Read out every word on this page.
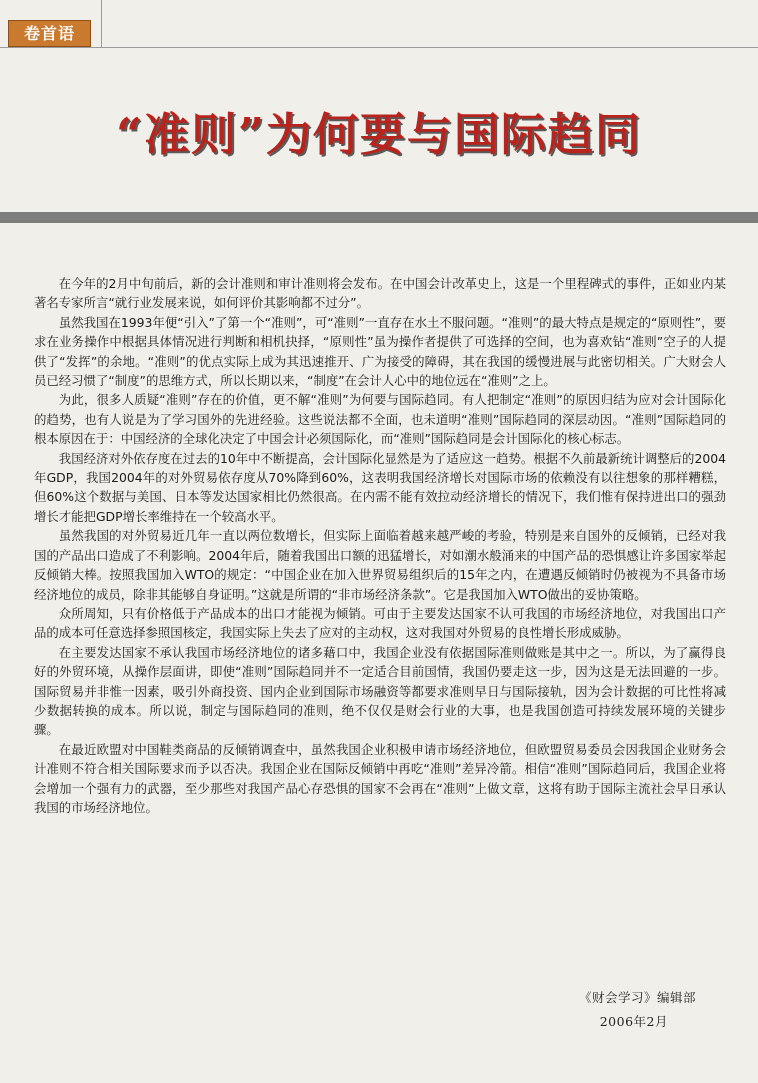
卷首语
“准则”为何要与国际趋同

在今年的2月中旬前后，新的会计准则和审计准则将会发布。在中国会计改革史上，这是一个里程碑式的事件，正如业内某著名专家所言“就行业发展来说，如何评价其影响都不过分”。

虽然我国在1993年便“引入”了第一个“准则”，可“准则”一直存在水土不服问题。“准则”的最大特点是规定的“原则性”，要求在业务操作中根据具体情况进行判断和相机抉择，“原则性”虽为操作者提供了可选择的空间，也为喜欢钻“准则”空子的人提供了“发挥”的余地。“准则”的优点实际上成为其迅速推开、广为接受的障碍，其在我国的缓慢进展与此密切相关。广大财会人员已经习惯了“制度”的思维方式，所以长期以来，“制度”在会计人心中的地位远在“准则”之上。

为此，很多人质疑“准则”存在的价值，更不解“准则”为何要与国际趋同。有人把制定“准则”的原因归结为应对会计国际化的趋势，也有人说是为了学习国外的先进经验。这些说法都不全面，也未道明“准则”国际趋同的深层动因。“准则”国际趋同的根本原因在于：中国经济的全球化决定了中国会计必须国际化，而“准则”国际趋同是会计国际化的核心标志。

我国经济对外依存度在过去的10年中不断提高，会计国际化显然是为了适应这一趋势。根据不久前最新统计调整后的2004年GDP，我国2004年的对外贸易依存度从70%降到60%，这表明我国经济增长对国际市场的依赖没有以往想象的那样糟糕，但60%这个数据与美国、日本等发达国家相比仍然很高。在内需不能有效拉动经济增长的情况下，我们惟有保持进出口的强劲增长才能把GDP增长率维持在一个较高水平。

虽然我国的对外贸易近几年一直以两位数增长，但实际上面临着越来越严峻的考验，特别是来自国外的反倾销，已经对我国的产品出口造成了不利影响。2004年后，随着我国出口额的迅猛增长，对如潮水般涌来的中国产品的恐惧感让许多国家举起反倾销大棒。按照我国加入WTO的规定：“中国企业在加入世界贸易组织后的15年之内，在遭遇反倾销时仍被视为不具备市场经济地位的成员，除非其能够自身证明。”这就是所谓的“非市场经济条款”。它是我国加入WTO做出的妥协策略。

众所周知，只有价格低于产品成本的出口才能视为倾销。可由于主要发达国家不认可我国的市场经济地位，对我国出口产品的成本可任意选择参照国核定，我国实际上失去了应对的主动权，这对我国对外贸易的良性增长形成威胁。

在主要发达国家不承认我国市场经济地位的诸多藉口中，我国企业没有依据国际准则做账是其中之一。所以，为了赢得良好的外贸环境，从操作层面讲，即使“准则”国际趋同并不一定适合目前国情，我国仍要走这一步，因为这是无法回避的一步。国际贸易并非惟一因素，吸引外商投资、国内企业到国际市场融资等都要求准则早日与国际接轨，因为会计数据的可比性将减少数据转换的成本。所以说，制定与国际趋同的准则，绝不仅仅是财会行业的大事，也是我国创造可持续发展环境的关键步骤。

在最近欧盟对中国鞋类商品的反倾销调查中，虽然我国企业积极申请市场经济地位，但欧盟贸易委员会因我国企业财务会计准则不符合相关国际要求而予以否决。我国企业在国际反倾销中再吃“准则”差异冷箭。相信“准则”国际趋同后，我国企业将会增加一个强有力的武器，至少那些对我国产品心存恐惧的国家不会再在“准则”上做文章，这将有助于国际主流社会早日承认我国的市场经济地位。

《财会学习》编辑部
2006年2月
